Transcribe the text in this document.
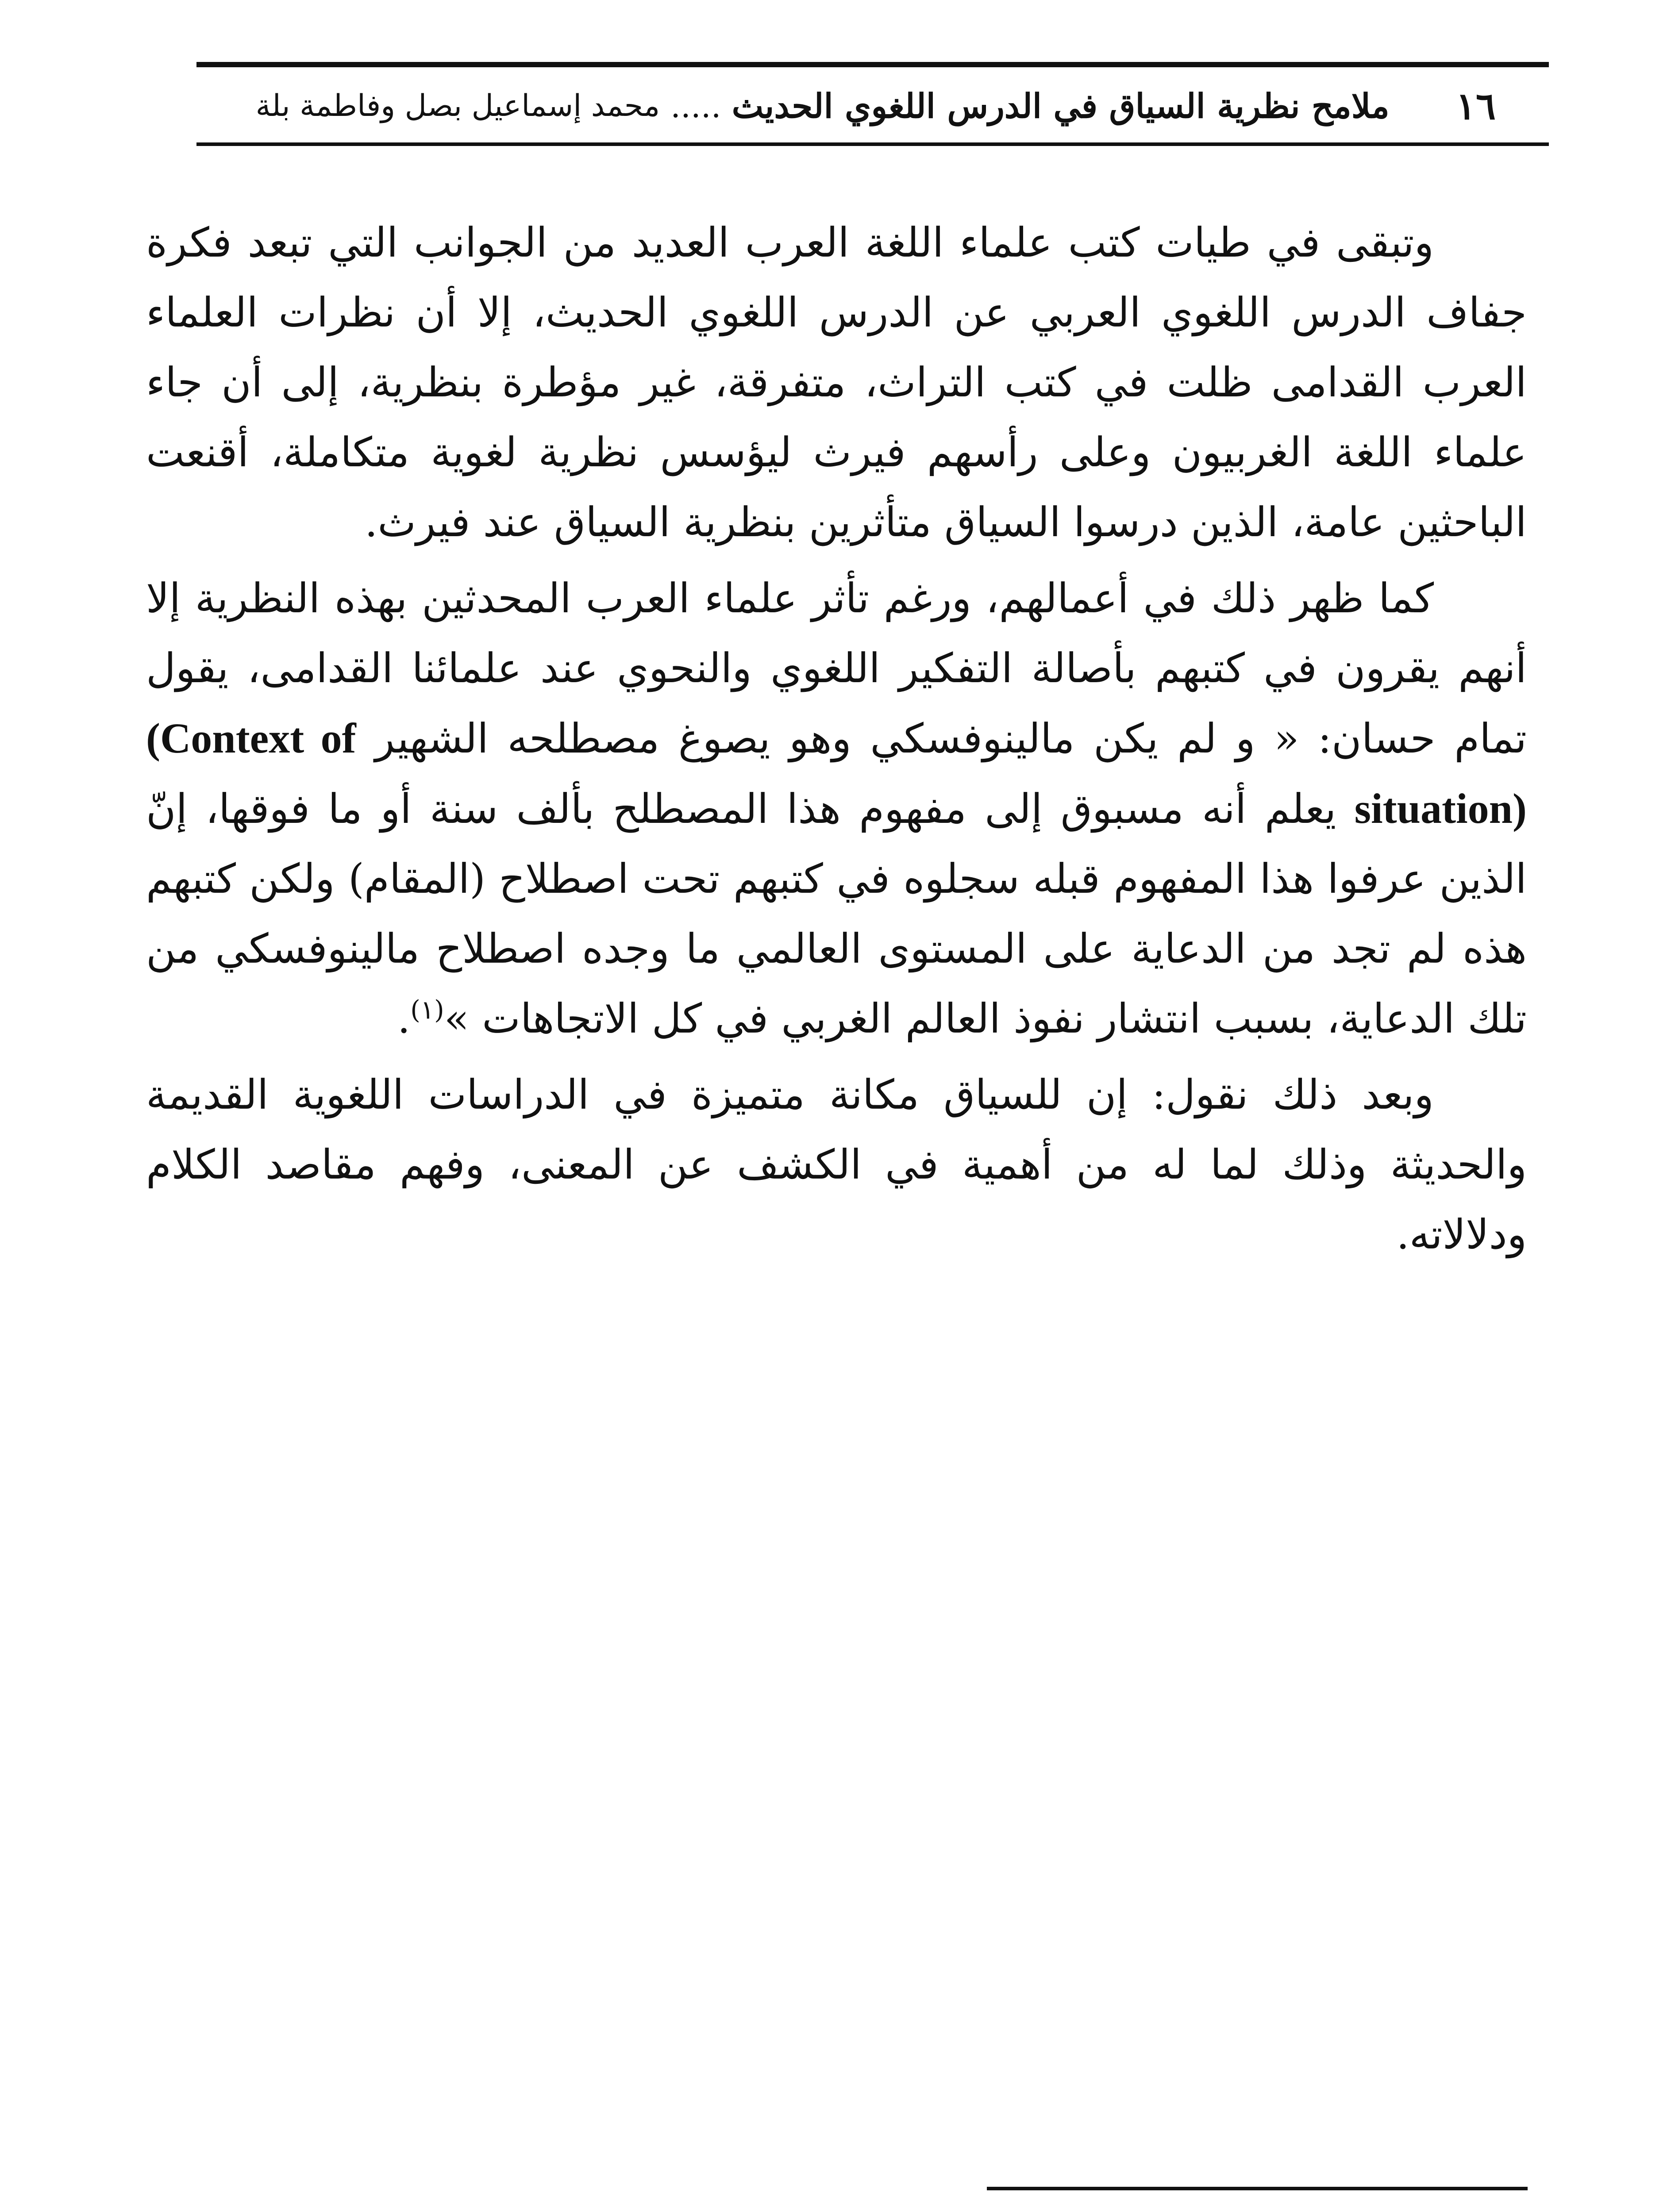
١٦
ملامح نظرية السياق في الدرس اللغوي الحديث
.....
محمد إسماعيل بصل وفاطمة بلة

وتبقى في طيات كتب علماء اللغة العرب العديد من الجوانب التي تبعد فكرة جفاف الدرس اللغوي العربي عن الدرس اللغوي الحديث، إلا أن نظرات العلماء العرب القدامى ظلت في كتب التراث، متفرقة، غير مؤطرة بنظرية، إلى أن جاء علماء اللغة الغربيون وعلى رأسهم فيرث ليؤسس نظرية لغوية متكاملة، أقنعت الباحثين عامة، الذين درسوا السياق متأثرين بنظرية السياق عند فيرث.

كما ظهر ذلك في أعمالهم، ورغم تأثر علماء العرب المحدثين بهذه النظرية إلا أنهم يقرون في كتبهم بأصالة التفكير اللغوي والنحوي عند علمائنا القدامى، يقول تمام حسان: « و لم يكن مالينوفسكي وهو يصوغ مصطلحه الشهير (Context of situation) يعلم أنه مسبوق إلى مفهوم هذا المصطلح بألف سنة أو ما فوقها، إنّ الذين عرفوا هذا المفهوم قبله سجلوه في كتبهم تحت اصطلاح (المقام) ولكن كتبهم هذه لم تجد من الدعاية على المستوى العالمي ما وجده اصطلاح مالينوفسكي من تلك الدعاية، بسبب انتشار نفوذ العالم الغربي في كل الاتجاهات »$^{(١)}$.

وبعد ذلك نقول: إن للسياق مكانة متميزة في الدراسات اللغوية القديمة والحديثة وذلك لما له من أهمية في الكشف عن المعنى، وفهم مقاصد الكلام ودلالاته.
